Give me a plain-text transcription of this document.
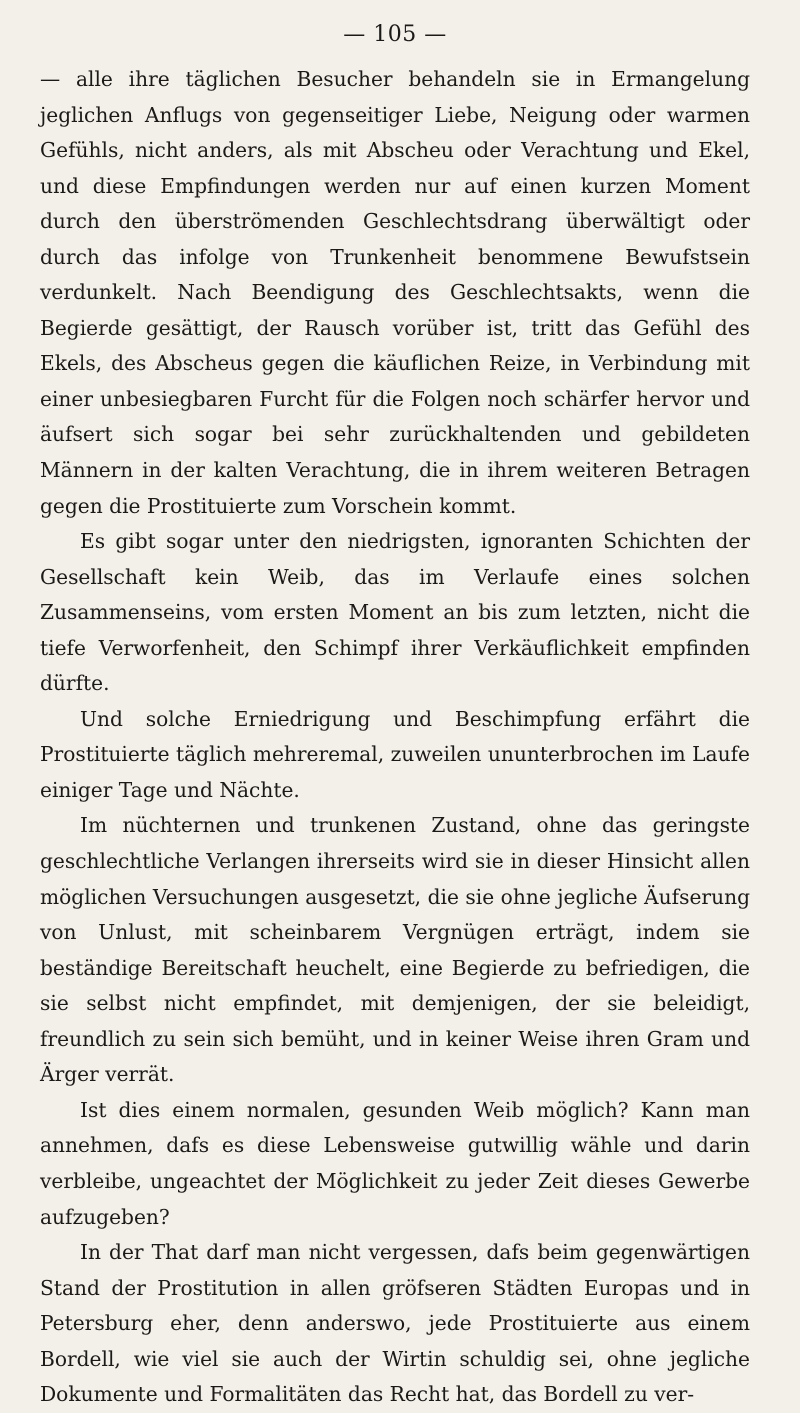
— 105 —

— alle ihre täglichen Besucher behandeln sie in Ermangelung jeglichen Anflugs von gegenseitiger Liebe, Neigung oder warmen Gefühls, nicht anders, als mit Abscheu oder Verachtung und Ekel, und diese Empfindungen werden nur auf einen kurzen Moment durch den überströmenden Geschlechtsdrang überwältigt oder durch das infolge von Trunkenheit benommene Bewufstsein verdunkelt. Nach Beendigung des Geschlechtsakts, wenn die Begierde gesättigt, der Rausch vorüber ist, tritt das Gefühl des Ekels, des Abscheus gegen die käuflichen Reize, in Verbindung mit einer unbesiegbaren Furcht für die Folgen noch schärfer hervor und äufsert sich sogar bei sehr zurückhaltenden und gebildeten Männern in der kalten Verachtung, die in ihrem weiteren Betragen gegen die Prostituierte zum Vorschein kommt.

Es gibt sogar unter den niedrigsten, ignoranten Schichten der Gesellschaft kein Weib, das im Verlaufe eines solchen Zusammenseins, vom ersten Moment an bis zum letzten, nicht die tiefe Verworfenheit, den Schimpf ihrer Verkäuflichkeit empfinden dürfte.

Und solche Erniedrigung und Beschimpfung erfährt die Prostituierte täglich mehreremal, zuweilen ununterbrochen im Laufe einiger Tage und Nächte.

Im nüchternen und trunkenen Zustand, ohne das geringste geschlechtliche Verlangen ihrerseits wird sie in dieser Hinsicht allen möglichen Versuchungen ausgesetzt, die sie ohne jegliche Äufserung von Unlust, mit scheinbarem Vergnügen erträgt, indem sie beständige Bereitschaft heuchelt, eine Begierde zu befriedigen, die sie selbst nicht empfindet, mit demjenigen, der sie beleidigt, freundlich zu sein sich bemüht, und in keiner Weise ihren Gram und Ärger verrät.

Ist dies einem normalen, gesunden Weib möglich? Kann man annehmen, dafs es diese Lebensweise gutwillig wähle und darin verbleibe, ungeachtet der Möglichkeit zu jeder Zeit dieses Gewerbe aufzugeben?

In der That darf man nicht vergessen, dafs beim gegenwärtigen Stand der Prostitution in allen gröfseren Städten Europas und in Petersburg eher, denn anderswo, jede Prostituierte aus einem Bordell, wie viel sie auch der Wirtin schuldig sei, ohne jegliche Dokumente und Formalitäten das Recht hat, das Bordell zu ver-
